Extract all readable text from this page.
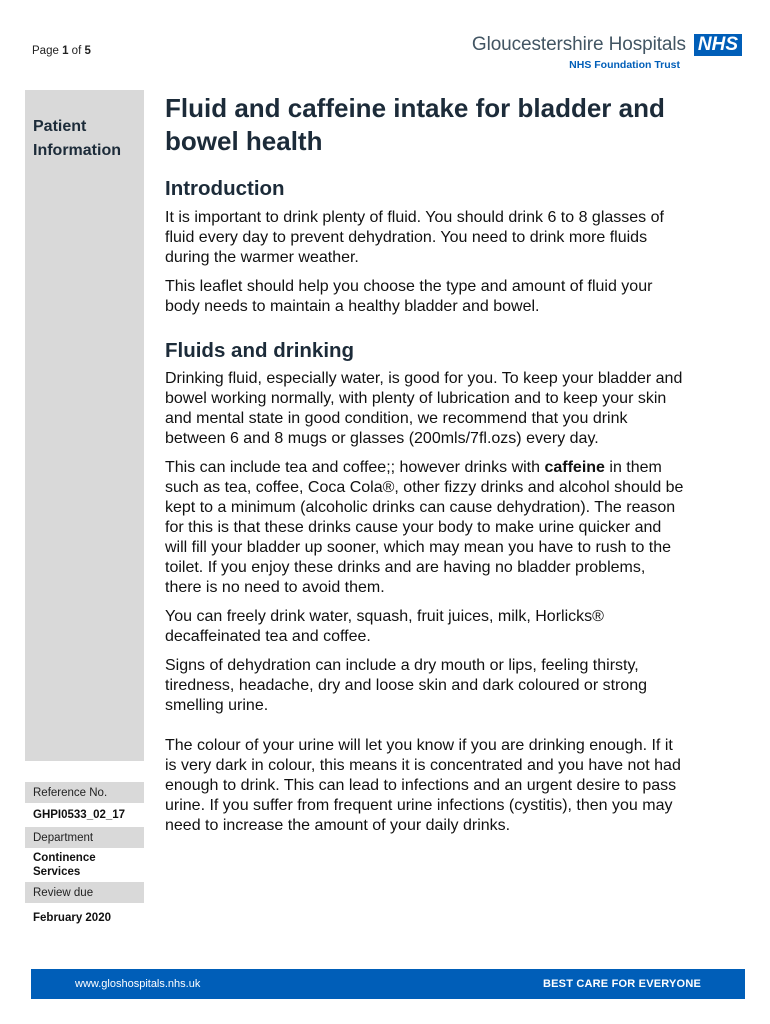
Page 1 of 5	Gloucestershire Hospitals NHS
NHS Foundation Trust
Patient
Information
Reference No.
GHPI0533_02_17
Department
Continence Services
Review due
February 2020
Fluid and caffeine intake for bladder and bowel health
Introduction

It is important to drink plenty of fluid. You should drink 6 to 8 glasses of fluid every day to prevent dehydration. You need to drink more fluids during the warmer weather.

This leaflet should help you choose the type and amount of fluid your body needs to maintain a healthy bladder and bowel.

Fluids and drinking

Drinking fluid, especially water, is good for you. To keep your bladder and bowel working normally, with plenty of lubrication and to keep your skin and mental state in good condition, we recommend that you drink between 6 and 8 mugs or glasses (200mls/7fl.ozs) every day.

This can include tea and coffee;; however drinks with caffeine in them such as tea, coffee, Coca Cola®, other fizzy drinks and alcohol should be kept to a minimum (alcoholic drinks can cause dehydration). The reason for this is that these drinks cause your body to make urine quicker and will fill your bladder up sooner, which may mean you have to rush to the toilet. If you enjoy these drinks and are having no bladder problems, there is no need to avoid them.

You can freely drink water, squash, fruit juices, milk, Horlicks® decaffeinated tea and coffee.

Signs of dehydration can include a dry mouth or lips, feeling thirsty, tiredness, headache, dry and loose skin and dark coloured or strong smelling urine.

The colour of your urine will let you know if you are drinking enough. If it is very dark in colour, this means it is concentrated and you have not had enough to drink. This can lead to infections and an urgent desire to pass urine. If you suffer from frequent urine infections (cystitis), then you may need to increase the amount of your daily drinks.

www.gloshospitals.nhs.uk	BEST CARE FOR EVERYONE
